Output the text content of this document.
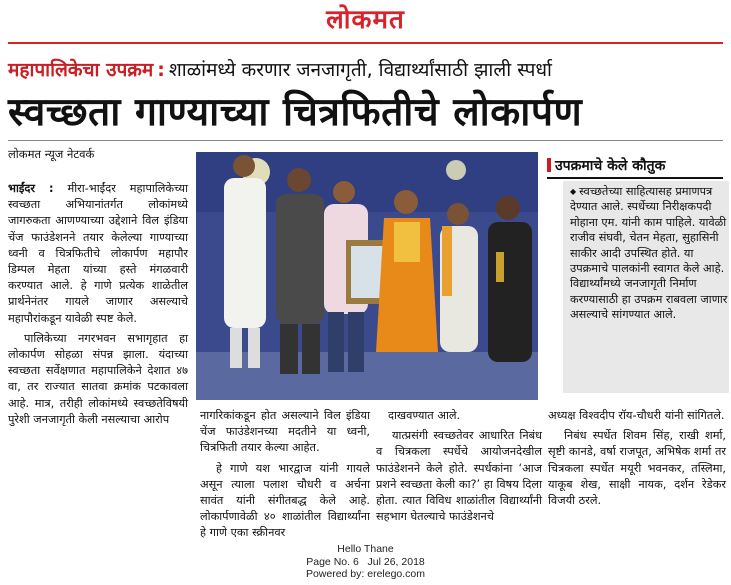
लोकमत
महापालिकेचा उपक्रम : शाळांमध्ये करणार जनजागृती, विद्यार्थ्यांसाठी झाली स्पर्धा
स्वच्छता गाण्याच्या चित्रफितीचे लोकार्पण
लोकमत न्यूज नेटवर्क

भाईंदर : मीरा-भाईंदर महापालिकेच्या स्वच्छता अभियानांतर्गत लोकांमध्ये जागरुकता आणण्याच्या उद्देशाने विल इंडिया चेंज फाउंडेशनने तयार केलेल्या गाण्याच्या ध्वनी व चित्रफितीचे लोकार्पण महापौर डिम्पल मेहता यांच्या हस्ते मंगळवारी करण्यात आले. हे गाणे प्रत्येक शाळेतील प्रार्थनेनंतर गायले जाणार असल्याचे महापौरांकडून यावेळी स्पष्ट केले.

पालिकेच्या नगरभवन सभागृहात हा लोकार्पण सोहळा संपन्न झाला. यंदाच्या स्वच्छता सर्वेक्षणात महापालिकेने देशात ४७ वा, तर राज्यात सातवा क्रमांक पटकावला आहे. मात्र, तरीही लोकांमध्ये स्वच्छतेविषयी पुरेशी जनजागृती केली नसल्याचा आरोप	नागरिकांकडून होत असल्याने विल इंडिया चेंज फाउंडेशनच्या मदतीने या ध्वनी, चित्रफिती तयार केल्या आहेत.

हे गाणे यश भारद्वाज यांनी गायले असून त्याला पलाश चौधरी व अर्चना सावंत यांनी संगीतबद्ध केले आहे. लोकार्पणावेळी ४० शाळांतील विद्यार्थ्यांना हे गाणे एका स्क्रीनवर

दाखवण्यात आले.

यात्प्रसंगी स्वच्छतेवर आधारित निबंध व चित्रकला स्पर्धेचे आयोजनदेखील फाउंडेशनने केले होते. स्पर्धकांना ‘आज प्रशने स्वच्छता केली का?’ हा विषय दिला होता. त्यात विविध शाळांतील विद्यार्थ्यांनी सहभाग घेतल्याचे फाउंडेशनचे

अध्यक्ष विश्वदीप रॉय-चौधरी यांनी सांगितले.

निबंध स्पर्धेत शिवम सिंह, राखी शर्मा, सृष्टी कानडे, वर्षा राजपूत, अभिषेक शर्मा तर चित्रकला स्पर्धेत मयूरी भवनकर, तस्लिमा, याकूब शेख, साक्षी नायक, दर्शन रेडेकर विजयी ठरले.

उपक्रमाचे केले कौतुक
◆ स्वच्छतेच्या साहित्यासह प्रमाणपत्र देण्यात आले. स्पर्धेच्या निरीक्षकपदी मोहाना एम. यांनी काम पाहिले. यावेळी राजीव संघवी, चेतन मेहता, सुहासिनी साकीर आदी उपस्थित होते. या उपक्रमाचे पालकांनी स्वागत केले आहे. विद्यार्थ्यांमध्ये जनजागृती निर्माण करण्यासाठी हा उपक्रम राबवला जाणार असल्याचे सांगण्यात आले.
Hello Thane
Page No. 6   Jul 26, 2018
Powered by: erelego.com
